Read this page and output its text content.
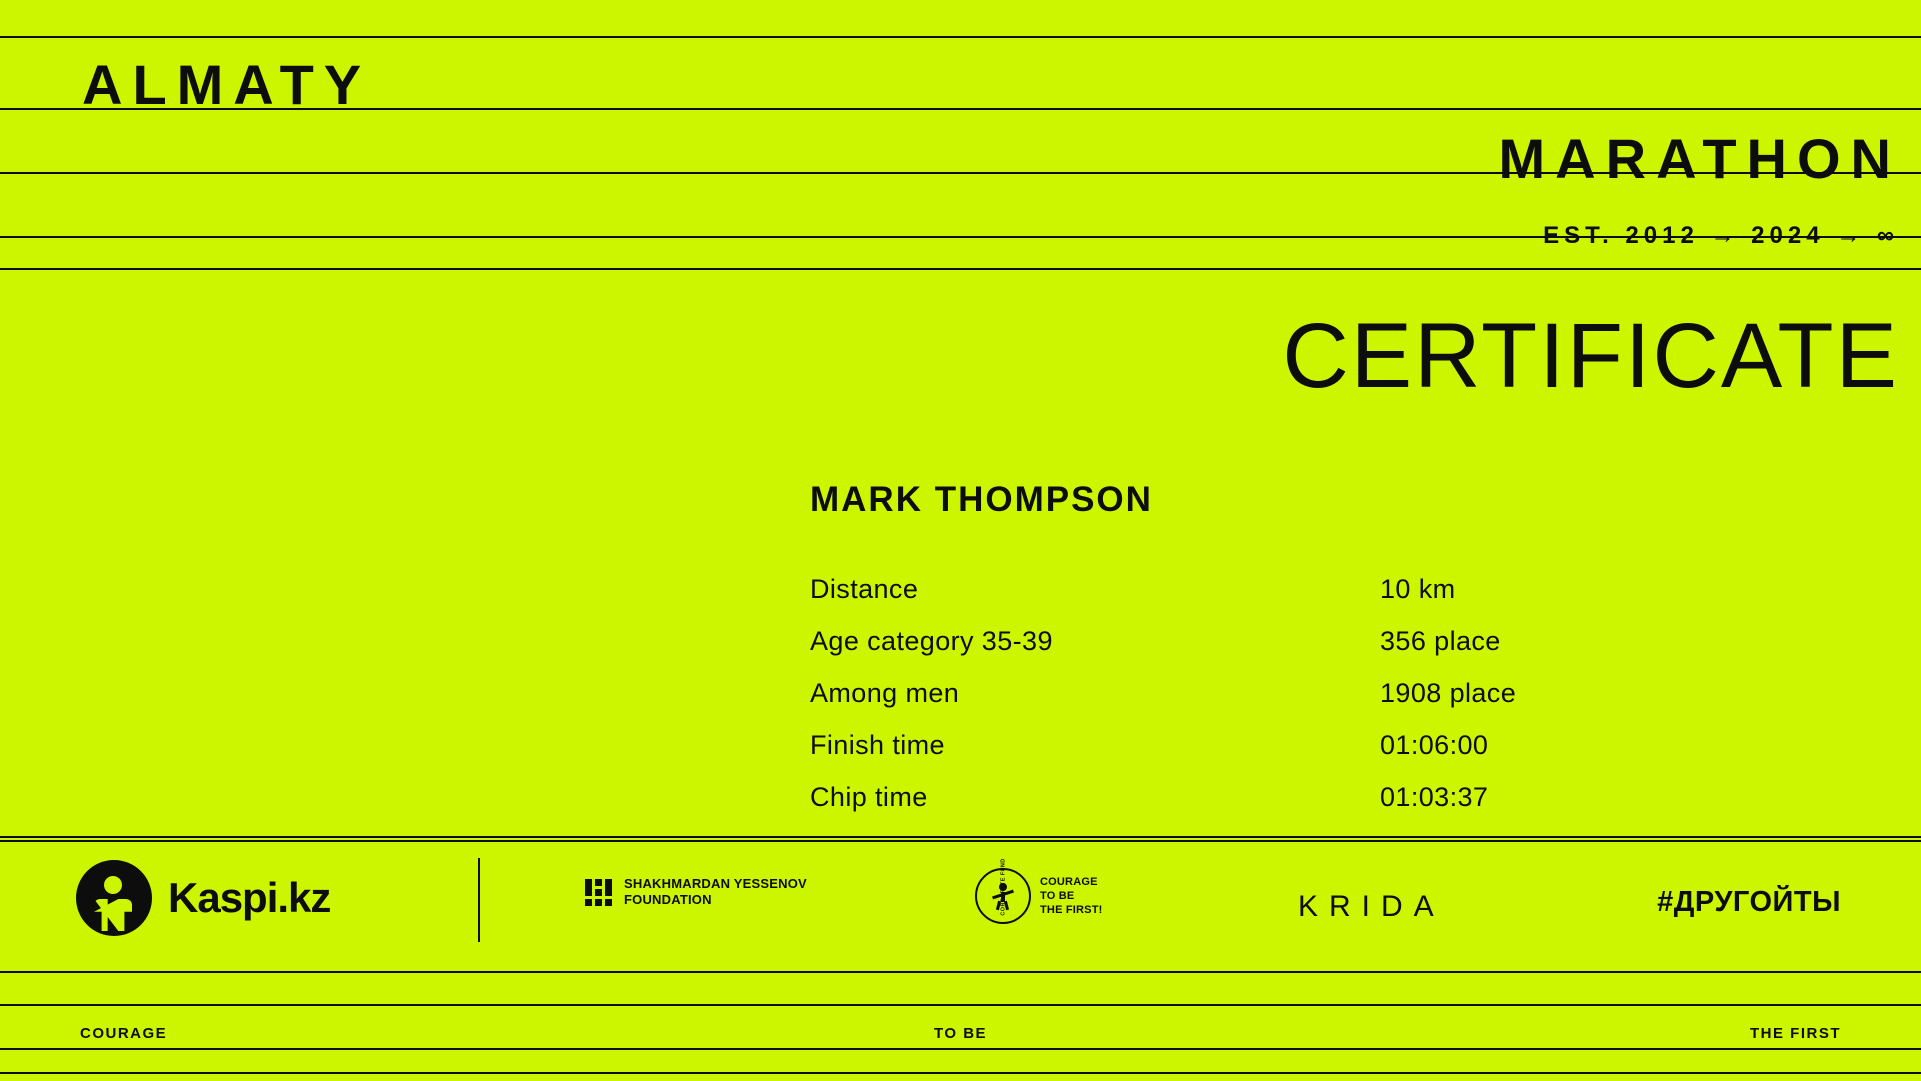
ALMATY
MARATHON
EST. 2012 → 2024 → ∞
CERTIFICATE
MARK THOMPSON
Distance	10 km
Age category 35-39	356 place
Among men	1908 place
Finish time	01:06:00
Chip time	01:03:37
Kaspi.kz	SHAKHMARDAN YESSENOV
FOUNDATION
COURAGE
TO BE
THE FIRST!	KRIDA	#ДРУГОЙТЫ
COURAGE	TO BE	THE FIRST
